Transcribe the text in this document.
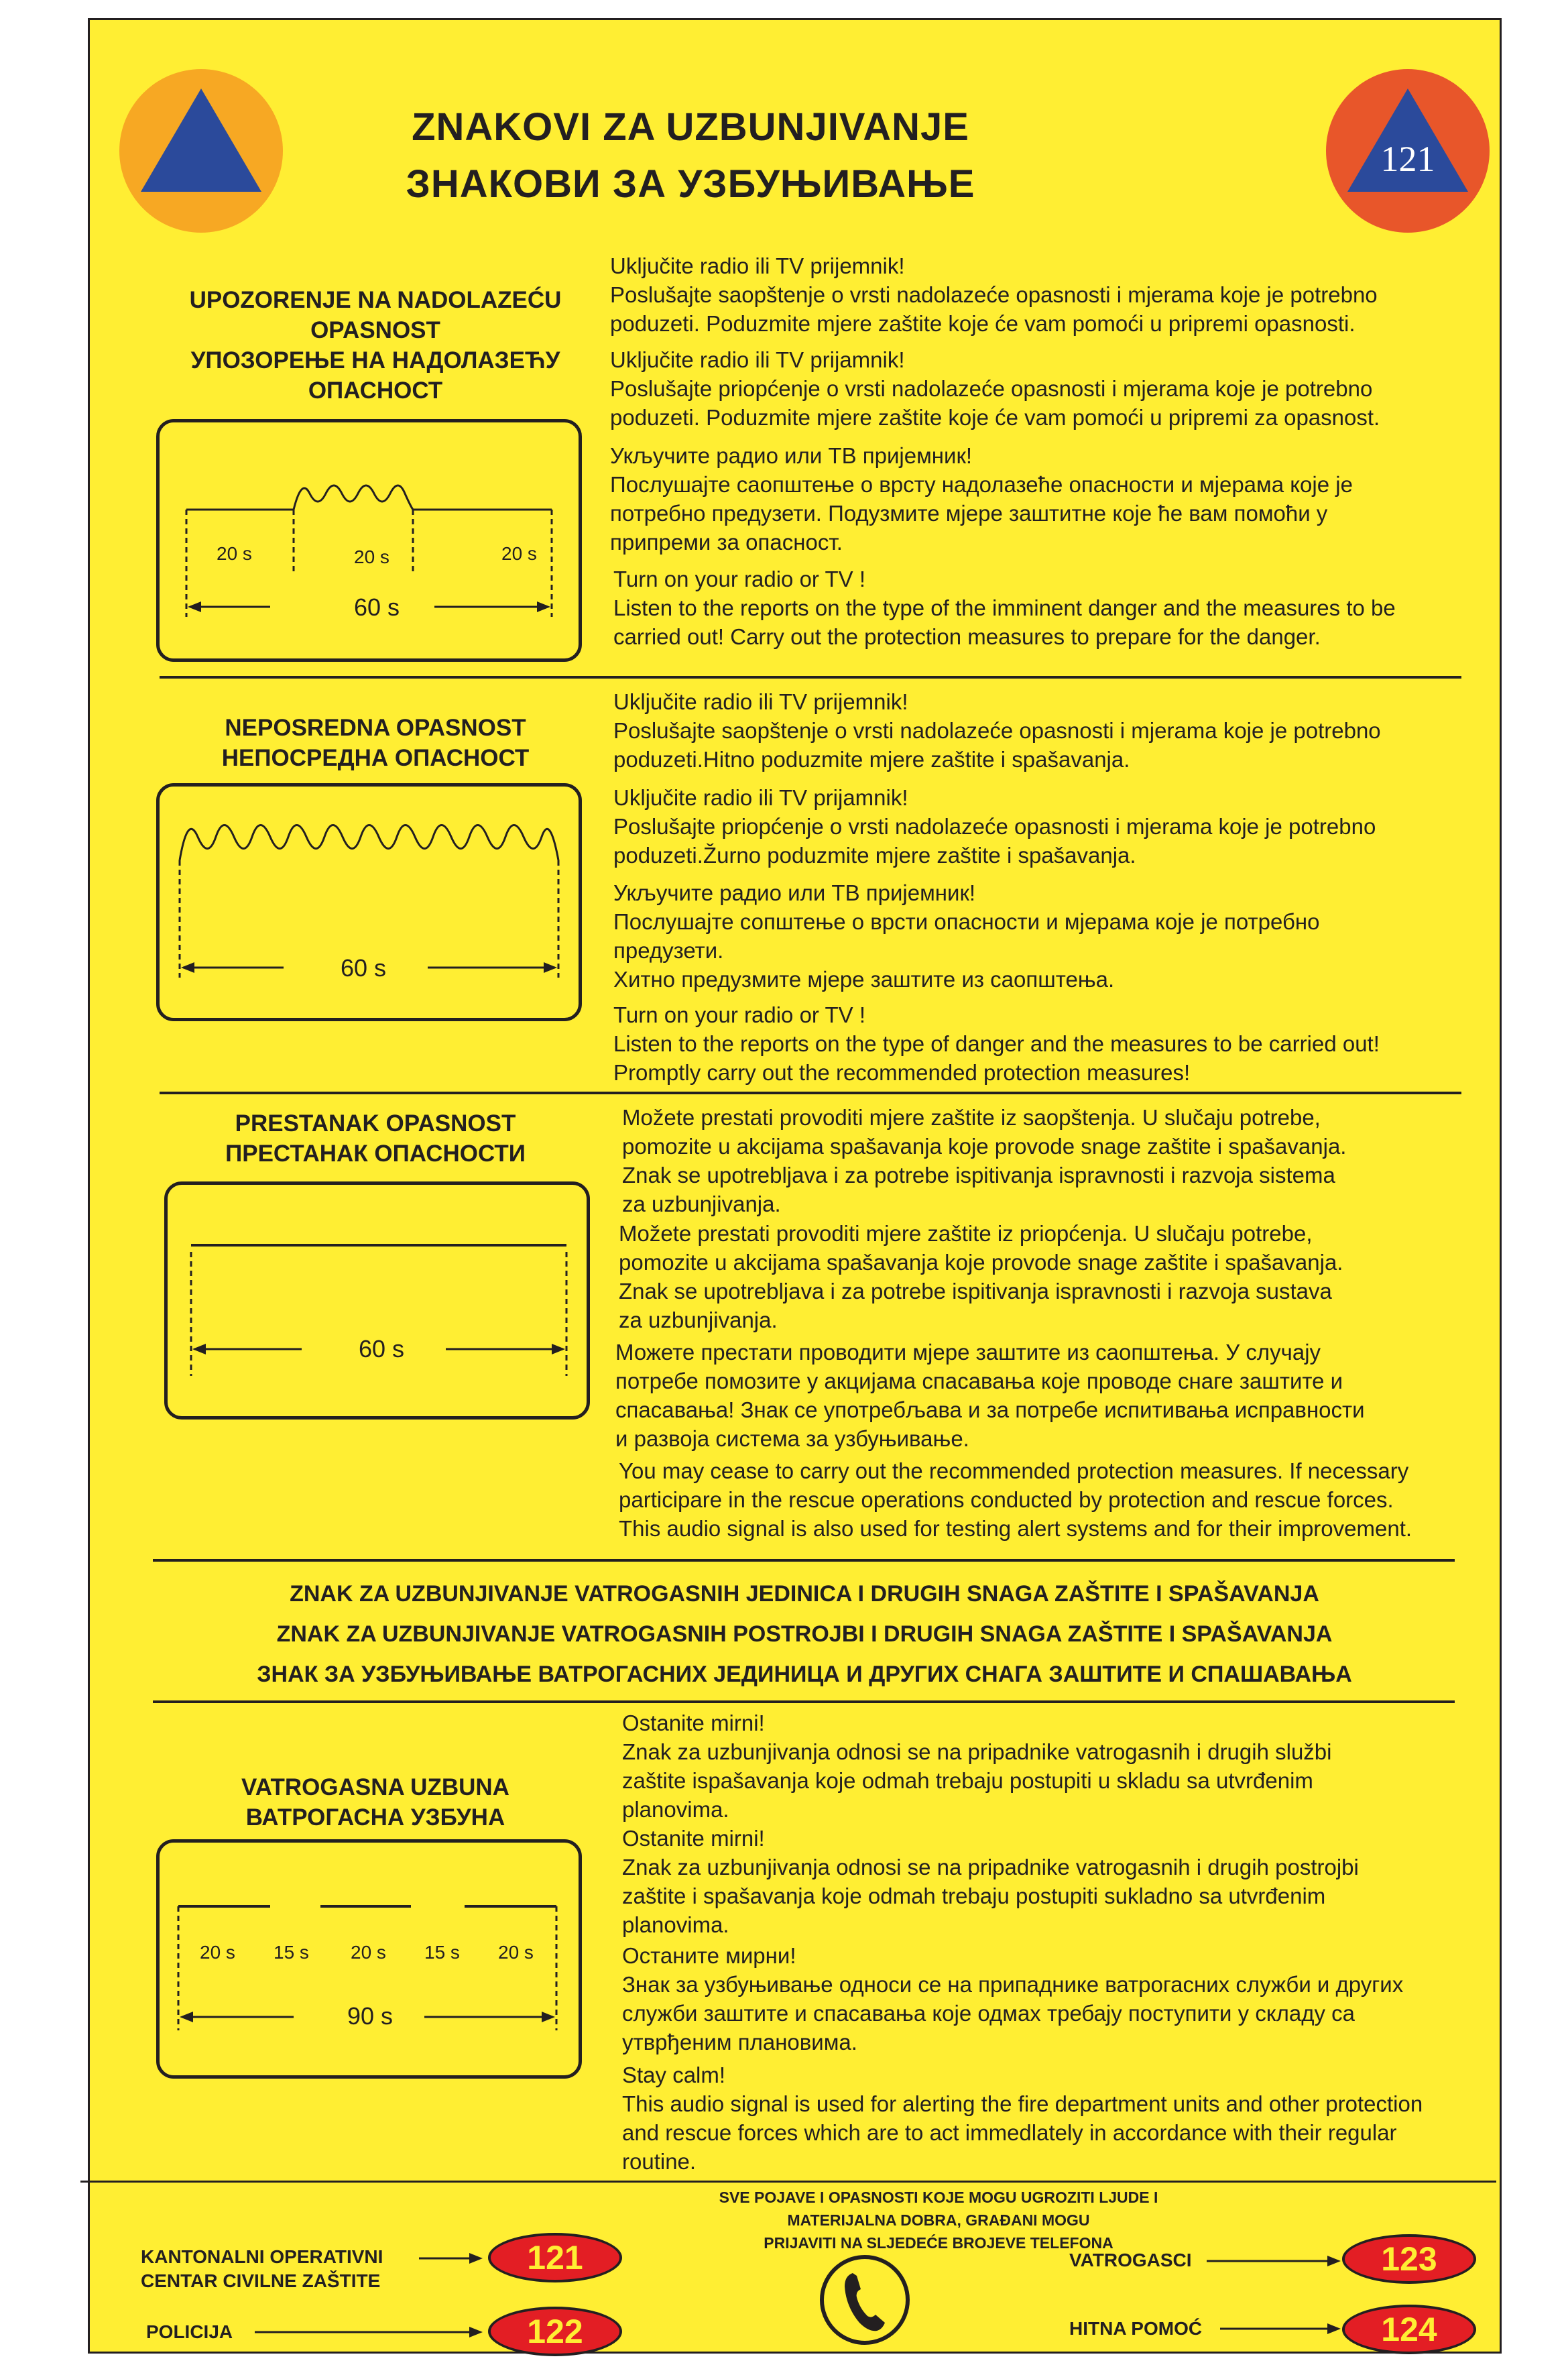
ZNAKOVI ZA UZBUNJIVANJE
ЗНАКОВИ ЗА УЗБУЊИВАЊЕ
121
UPOZORENJE NA NADOLAZEĆU
OPASNOST
УПОЗОРЕЊЕ НА НАДОЛАЗЕЋУ
ОПАСНОСТ
20 s	20 s	20 s
60 s
Uključite radio ili TV prijemnik!
Poslušajte saopštenje o vrsti nadolazeće opasnosti i mjerama koje je potrebno
poduzeti. Poduzmite mjere zaštite koje će vam pomoći u pripremi opasnosti.
Uključite radio ili TV prijamnik!
Poslušajte priopćenje o vrsti nadolazeće opasnosti i mjerama koje je potrebno
poduzeti. Poduzmite mjere zaštite koje će vam pomoći u pripremi za opasnost.
Укључите радио или ТВ пријемник!
Послушајте саопштење о врсту надолазеће опасности и мјерама које је
потребно предузети. Подузмите мјере заштитне које ће вам помоћи у
припреми за опасност.
Turn on your radio or TV !
Listen to the reports on the type of the imminent danger and the measures to be
carried out! Carry out the protection measures to prepare for the danger.
NEPOSREDNA OPASNOST
НЕПОСРЕДНА ОПАСНОСТ
60 s
Uključite radio ili TV prijemnik!
Poslušajte saopštenje o vrsti nadolazeće opasnosti i mjerama koje je potrebno
poduzeti.Hitno poduzmite mjere zaštite i spašavanja.
Uključite radio ili TV prijamnik!
Poslušajte priopćenje o vrsti nadolazeće opasnosti i mjerama koje je potrebno
poduzeti.Žurno poduzmite mjere zaštite i spašavanja.
Укључите радио или ТВ пријемник!
Послушајте сопштење о врсти опасности и мјерама које је потребно
предузети.
Хитно предузмите мјере заштите из саопштења.
Turn on your radio or TV !
Listen to the reports on the type of danger and the measures to be carried out!
Promptly carry out the recommended protection measures!
PRESTANAK OPASNOST
ПРЕСТАНАК ОПАСНОСТИ
60 s
Možete prestati provoditi mjere zaštite iz saopštenja. U slučaju potrebe,
pomozite u akcijama spašavanja koje provode snage zaštite i spašavanja.
Znak se upotrebljava i za potrebe ispitivanja ispravnosti i razvoja sistema
za uzbunjivanja.
Možete prestati provoditi mjere zaštite iz priopćenja. U slučaju potrebe,
pomozite u akcijama spašavanja koje provode snage zaštite i spašavanja.
Znak se upotrebljava i za potrebe ispitivanja ispravnosti i razvoja sustava
za uzbunjivanja.
Можете престати проводити мјере заштите из саопштења. У случају
потребе помозите у акцијама спасавања које проводе снаге заштите и
спасавања! Знак се употребљава и за потребе испитивања исправности
и развоја система за узбуњивање.
You may cease to carry out the recommended protection measures. If necessary
participare in the rescue operations conducted by protection and rescue forces.
This audio signal is also used for testing alert systems and for their improvement.
ZNAK ZA UZBUNJIVANJE VATROGASNIH JEDINICA I DRUGIH SNAGA ZAŠTITE I SPAŠAVANJA
ZNAK ZA UZBUNJIVANJE VATROGASNIH POSTROJBI I DRUGIH SNAGA ZAŠTITE I SPAŠAVANJA
ЗНАК ЗА УЗБУЊИВАЊЕ ВАТРОГАСНИХ ЈЕДИНИЦА И ДРУГИХ СНАГА ЗАШТИТЕ И СПАШАВАЊА
VATROGASNA UZBUNA
ВАТРОГАСНА УЗБУНА
20 s 15 s 20 s 15 s 20 s
90 s
Ostanite mirni!
Znak za uzbunjivanja odnosi se na pripadnike vatrogasnih i drugih službi
zaštite ispašavanja koje odmah trebaju postupiti u skladu sa utvrđenim
planovima.
Ostanite mirni!
Znak za uzbunjivanja odnosi se na pripadnike vatrogasnih i drugih postrojbi
zaštite i spašavanja koje odmah trebaju postupiti sukladno sa utvrđenim
planovima.
Останите мирни!
Знак за узбуњивање односи се на припаднике ватрогасних служби и других
служби заштите и спасавања које одмах требају поступити у складу са
утврђеним плановима.
Stay calm!
This audio signal is used for alerting the fire department units and other protection
and rescue forces which are to act immedlately in accordance with their regular
routine.
SVE POJAVE I OPASNOSTI KOJE MOGU UGROZITI LJUDE I MATERIJALNA DOBRA, GRAĐANI MOGU
PRIJAVITI NA SLJEDEĆE BROJEVE TELEFONA
KANTONALNI OPERATIVNI
CENTAR CIVILNE ZAŠTITE
121
POLICIJA	122
VATROGASCI	123
HITNA POMOĆ	124
